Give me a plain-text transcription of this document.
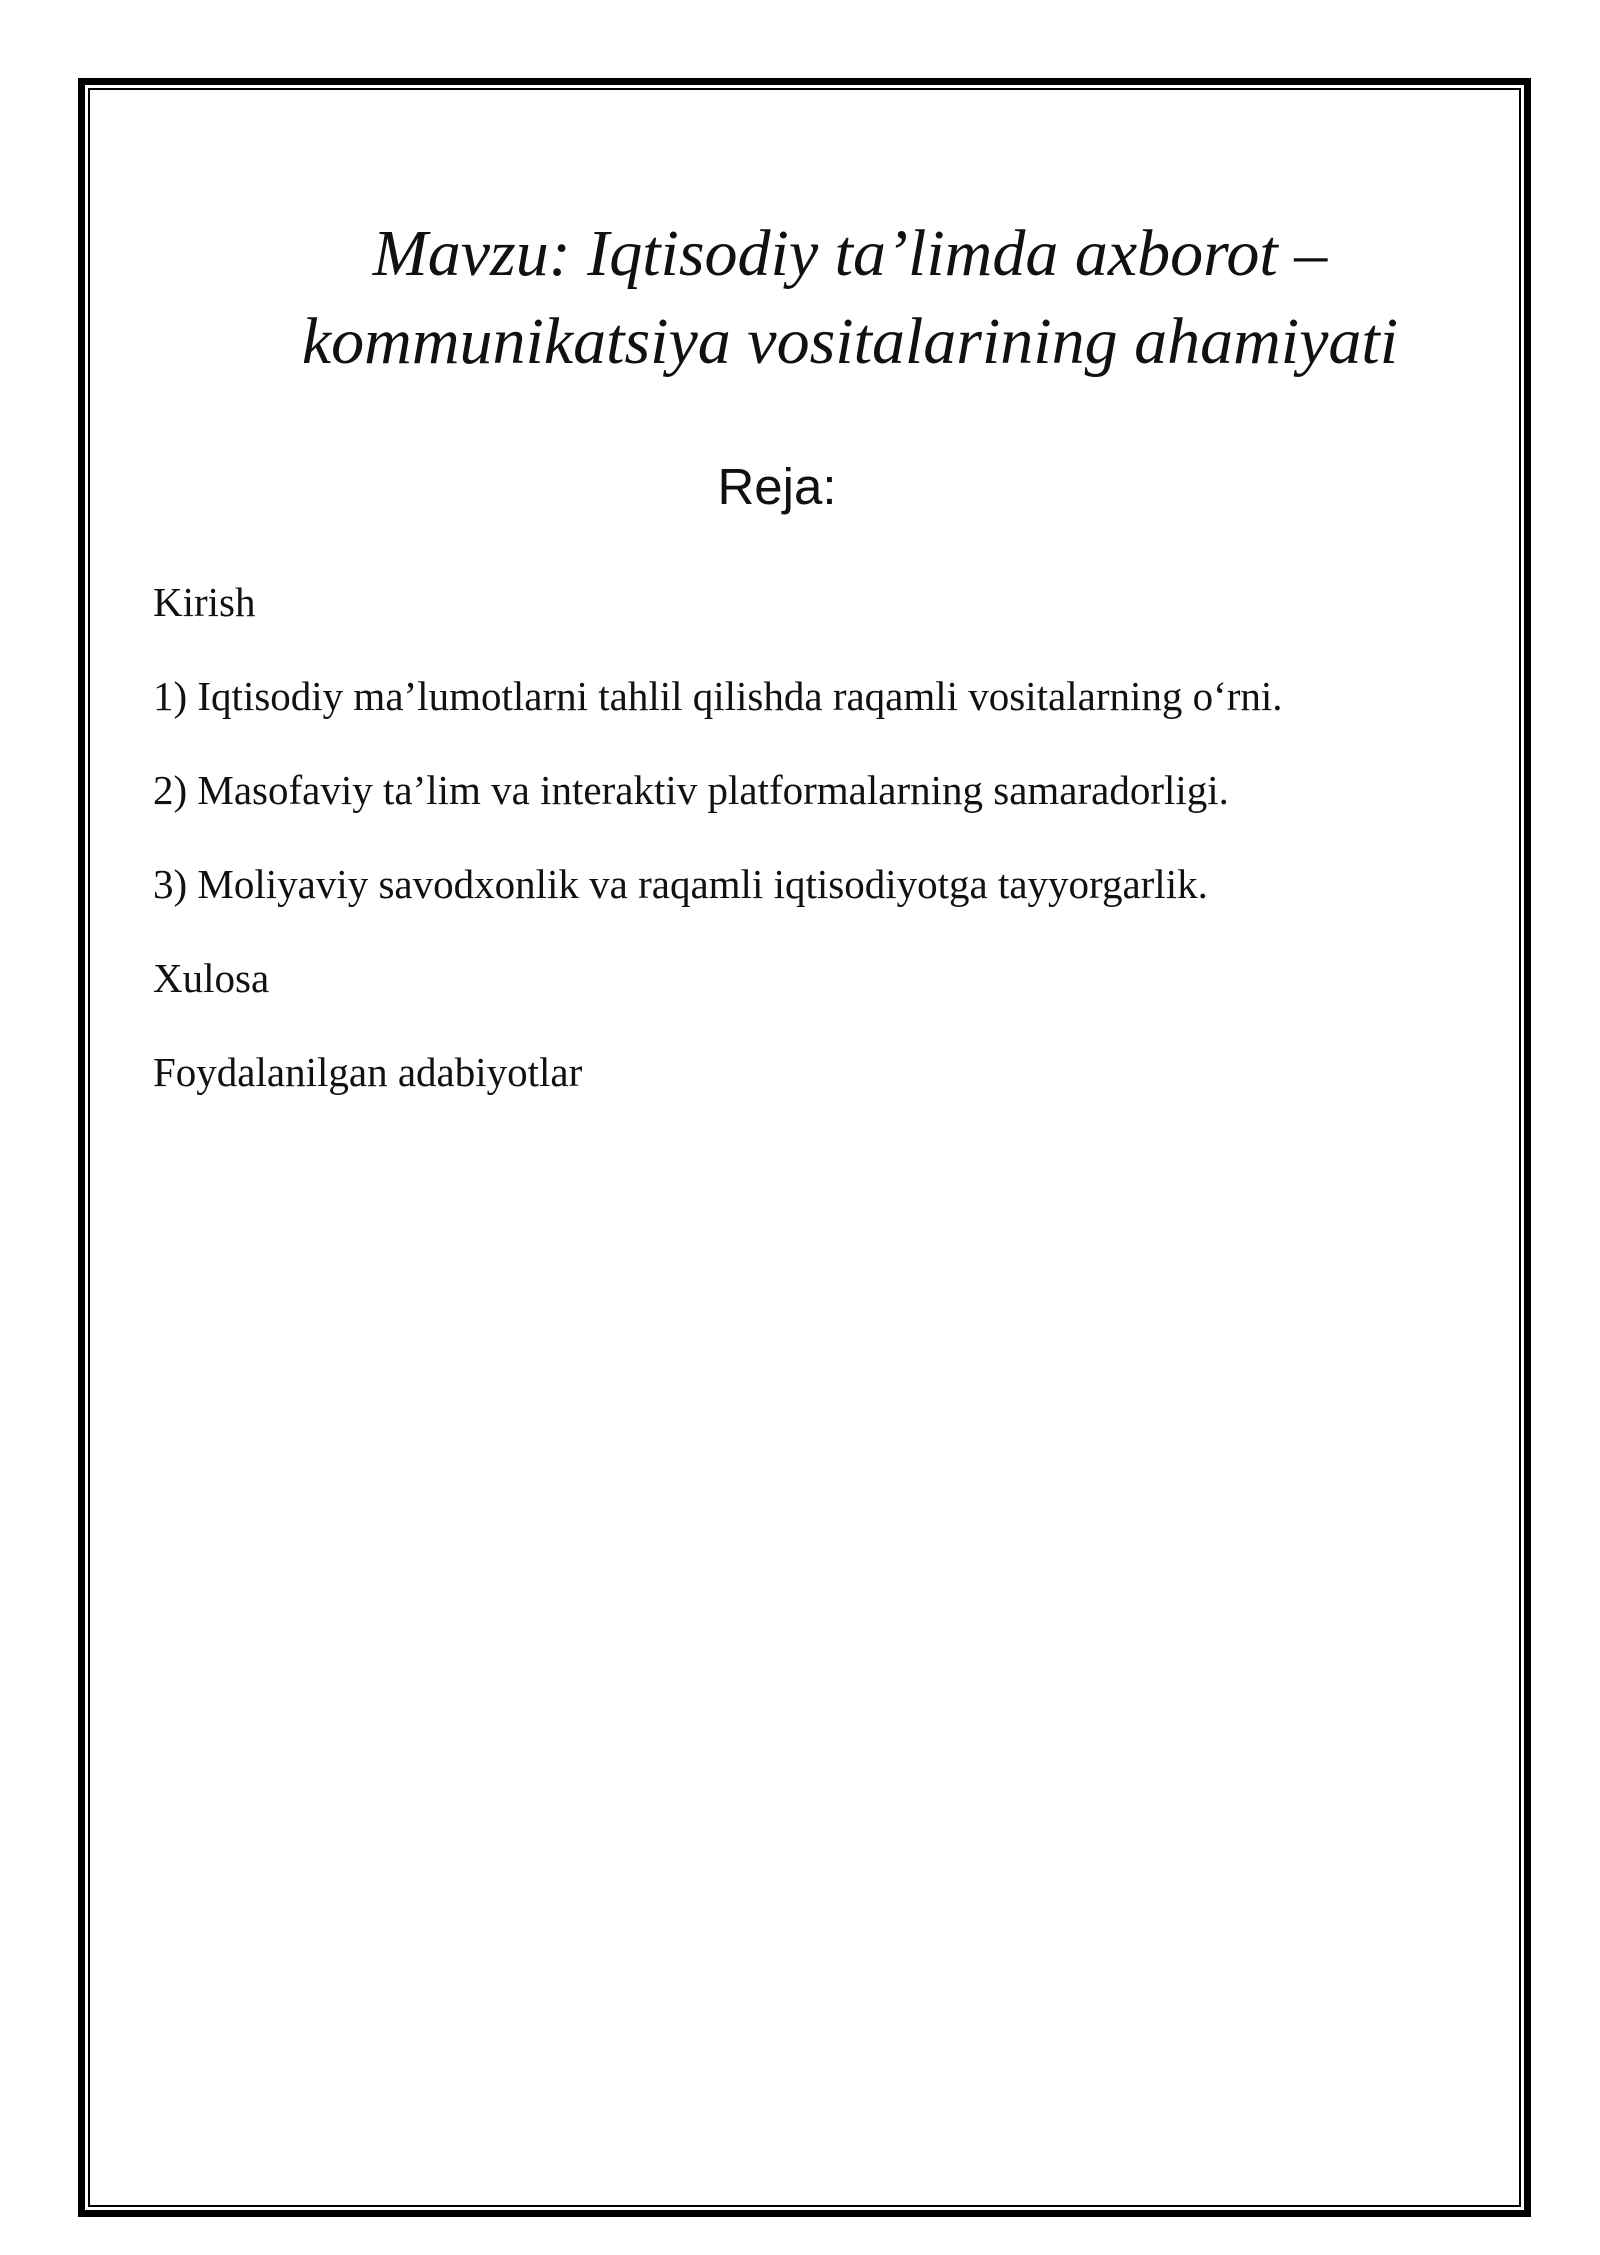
Mavzu: Iqtisodiy ta’limda axborot –
kommunikatsiya vositalarining ahamiyati
Reja:
Kirish
1) Iqtisodiy ma’lumotlarni tahlil qilishda raqamli vositalarning o‘rni.
2) Masofaviy ta’lim va interaktiv platformalarning samaradorligi.
3) Moliyaviy savodxonlik va raqamli iqtisodiyotga tayyorgarlik.
Xulosa
Foydalanilgan adabiyotlar
